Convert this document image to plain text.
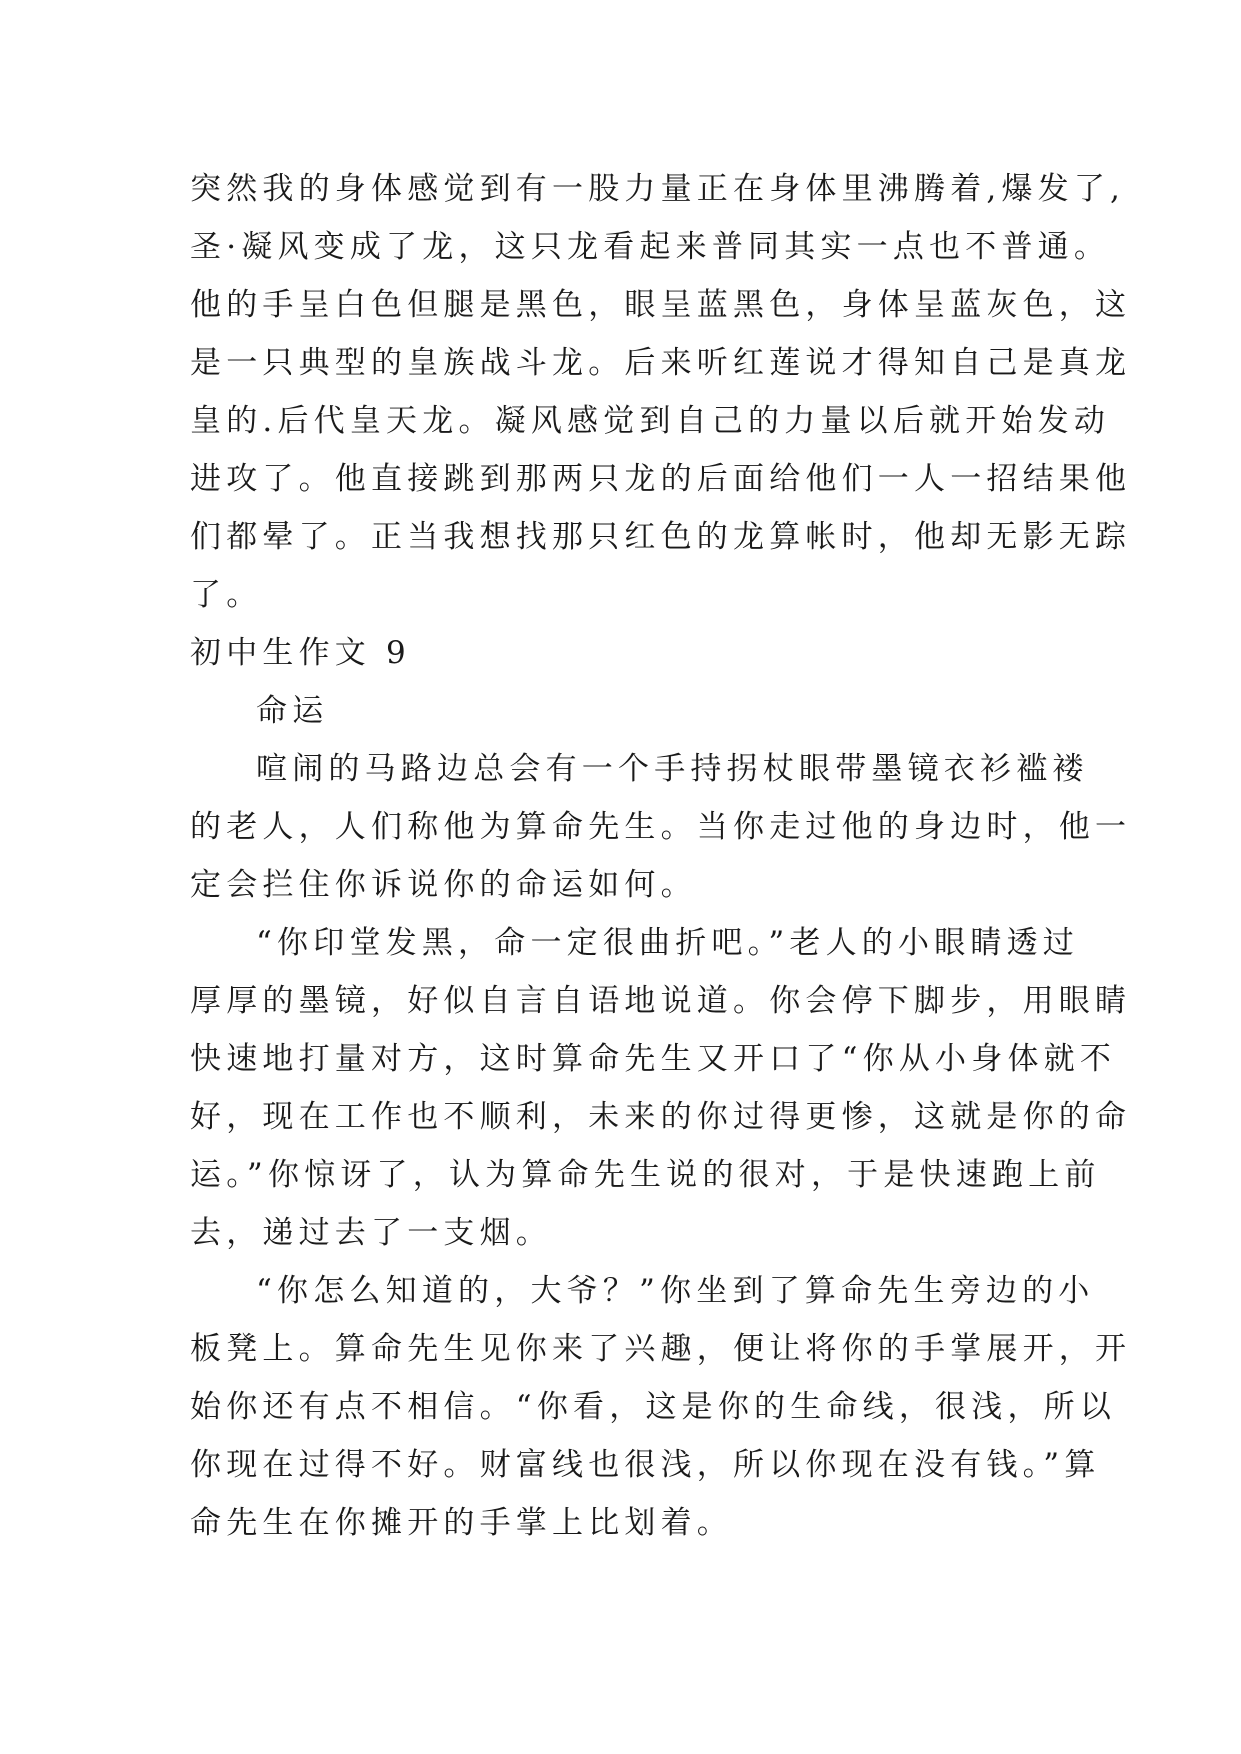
突然我的身体感觉到有一股力量正在身体里沸腾着,爆发了,
圣·凝风变成了龙，这只龙看起来普同其实一点也不普通。
他的手呈白色但腿是黑色，眼呈蓝黑色，身体呈蓝灰色，这
是一只典型的皇族战斗龙。后来听红莲说才得知自己是真龙
皇的.后代皇天龙。凝风感觉到自己的力量以后就开始发动
进攻了。他直接跳到那两只龙的后面给他们一人一招结果他
们都晕了。正当我想找那只红色的龙算帐时，他却无影无踪
了。
初中生作文 9
命运
喧闹的马路边总会有一个手持拐杖眼带墨镜衣衫褴褛
的老人，人们称他为算命先生。当你走过他的身边时，他一
定会拦住你诉说你的命运如何。
“你印堂发黑，命一定很曲折吧。”老人的小眼睛透过
厚厚的墨镜，好似自言自语地说道。你会停下脚步，用眼睛
快速地打量对方，这时算命先生又开口了“你从小身体就不
好，现在工作也不顺利，未来的你过得更惨，这就是你的命
运。”你惊讶了，认为算命先生说的很对，于是快速跑上前
去，递过去了一支烟。
“你怎么知道的，大爷？”你坐到了算命先生旁边的小
板凳上。算命先生见你来了兴趣，便让将你的手掌展开，开
始你还有点不相信。“你看，这是你的生命线，很浅，所以
你现在过得不好。财富线也很浅，所以你现在没有钱。”算
命先生在你摊开的手掌上比划着。
